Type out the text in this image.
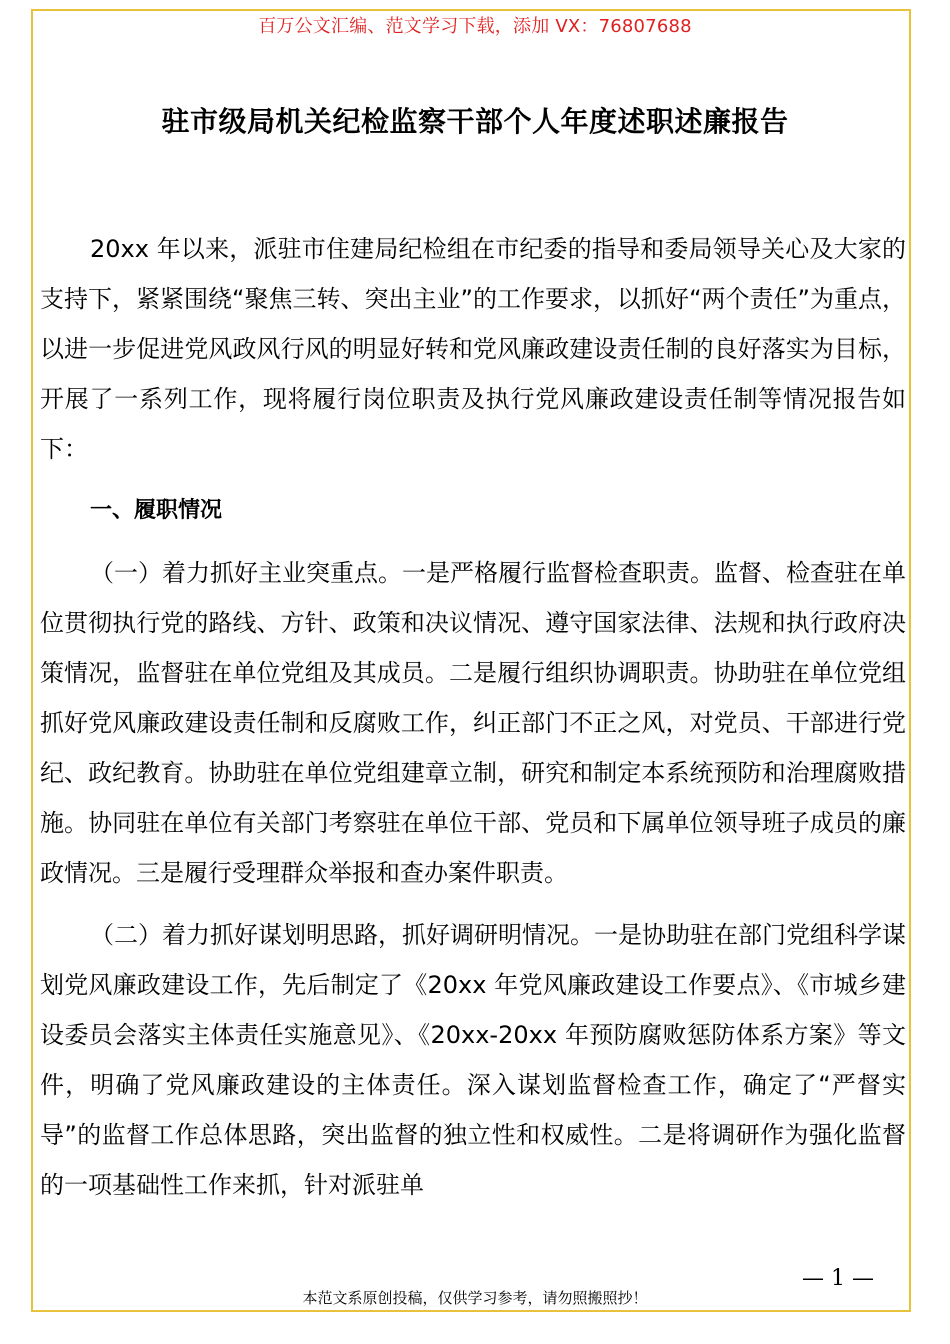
百万公文汇编、范文学习下载，添加 VX：76807688
驻市级局机关纪检监察干部个人年度述职述廉报告

20xx 年以来，派驻市住建局纪检组在市纪委的指导和委局领导关心及大家的支持下，紧紧围绕“聚焦三转、突出主业”的工作要求，以抓好“两个责任”为重点，以进一步促进党风政风行风的明显好转和党风廉政建设责任制的良好落实为目标，开展了一系列工作，现将履行岗位职责及执行党风廉政建设责任制等情况报告如下：

一、履职情况

（一）着力抓好主业突重点。一是严格履行监督检查职责。监督、检查驻在单位贯彻执行党的路线、方针、政策和决议情况、遵守国家法律、法规和执行政府决策情况，监督驻在单位党组及其成员。二是履行组织协调职责。协助驻在单位党组抓好党风廉政建设责任制和反腐败工作，纠正部门不正之风，对党员、干部进行党纪、政纪教育。协助驻在单位党组建章立制，研究和制定本系统预防和治理腐败措施。协同驻在单位有关部门考察驻在单位干部、党员和下属单位领导班子成员的廉政情况。三是履行受理群众举报和查办案件职责。

（二）着力抓好谋划明思路，抓好调研明情况。一是协助驻在部门党组科学谋划党风廉政建设工作，先后制定了《20xx 年党风廉政建设工作要点》、《市城乡建设委员会落实主体责任实施意见》、《20xx-20xx 年预防腐败惩防体系方案》等文件，明确了党风廉政建设的主体责任。深入谋划监督检查工作，确定了“严督实导”的监督工作总体思路，突出监督的独立性和权威性。二是将调研作为强化监督的一项基础性工作来抓，针对派驻单

— 1 —
本范文系原创投稿，仅供学习参考，请勿照搬照抄！
